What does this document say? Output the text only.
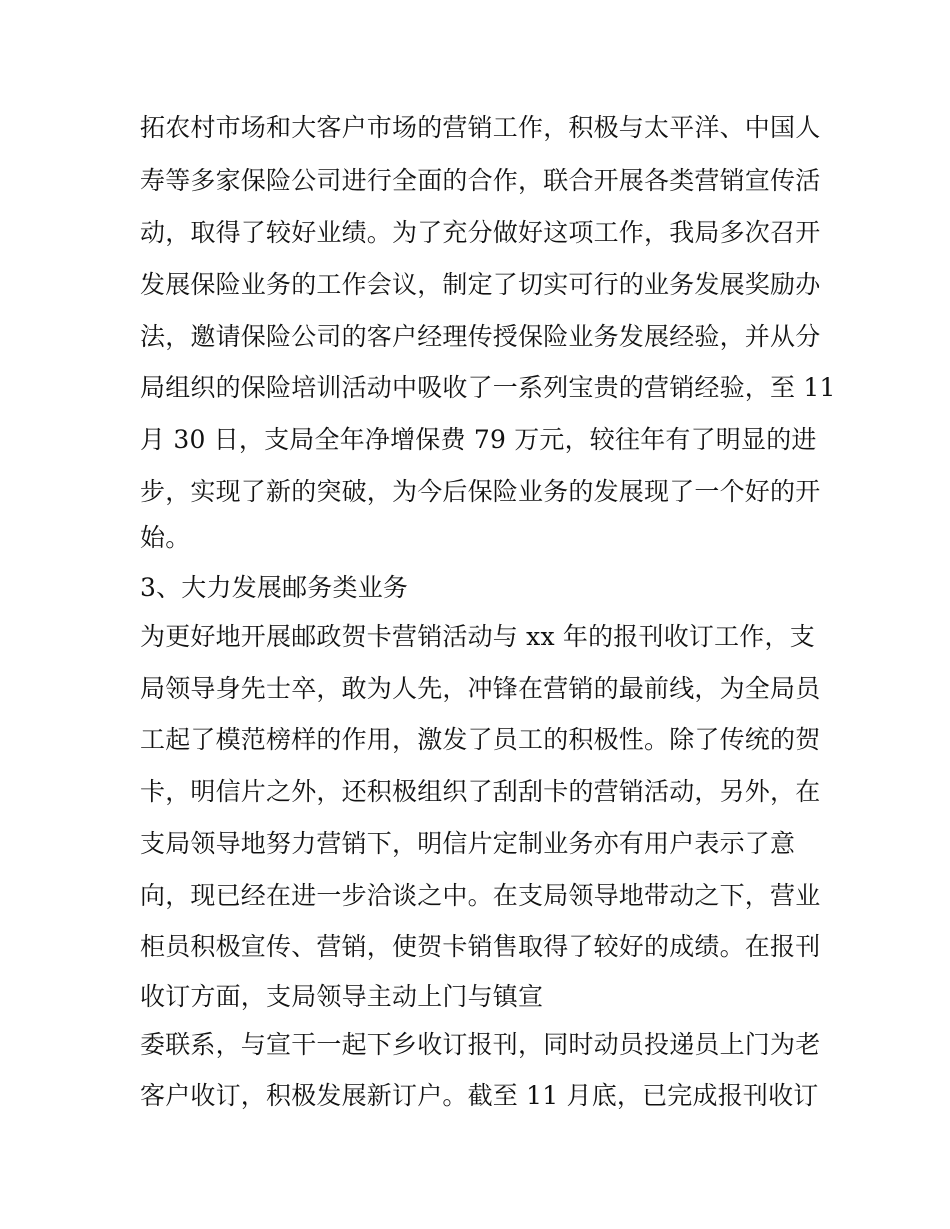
拓农村市场和大客户市场的营销工作，积极与太平洋、中国人
寿等多家保险公司进行全面的合作，联合开展各类营销宣传活
动，取得了较好业绩。为了充分做好这项工作，我局多次召开
发展保险业务的工作会议，制定了切实可行的业务发展奖励办
法，邀请保险公司的客户经理传授保险业务发展经验，并从分
局组织的保险培训活动中吸收了一系列宝贵的营销经验，至 11
月 30 日，支局全年净增保费 79 万元，较往年有了明显的进
步，实现了新的突破，为今后保险业务的发展现了一个好的开
始。
3、大力发展邮务类业务
为更好地开展邮政贺卡营销活动与 xx 年的报刊收订工作，支
局领导身先士卒，敢为人先，冲锋在营销的最前线，为全局员
工起了模范榜样的作用，激发了员工的积极性。除了传统的贺
卡，明信片之外，还积极组织了刮刮卡的营销活动，另外，在
支局领导地努力营销下，明信片定制业务亦有用户表示了意
向，现已经在进一步洽谈之中。在支局领导地带动之下，营业
柜员积极宣传、营销，使贺卡销售取得了较好的成绩。在报刊
收订方面，支局领导主动上门与镇宣
委联系，与宣干一起下乡收订报刊，同时动员投递员上门为老
客户收订，积极发展新订户。截至 11 月底，已完成报刊收订
